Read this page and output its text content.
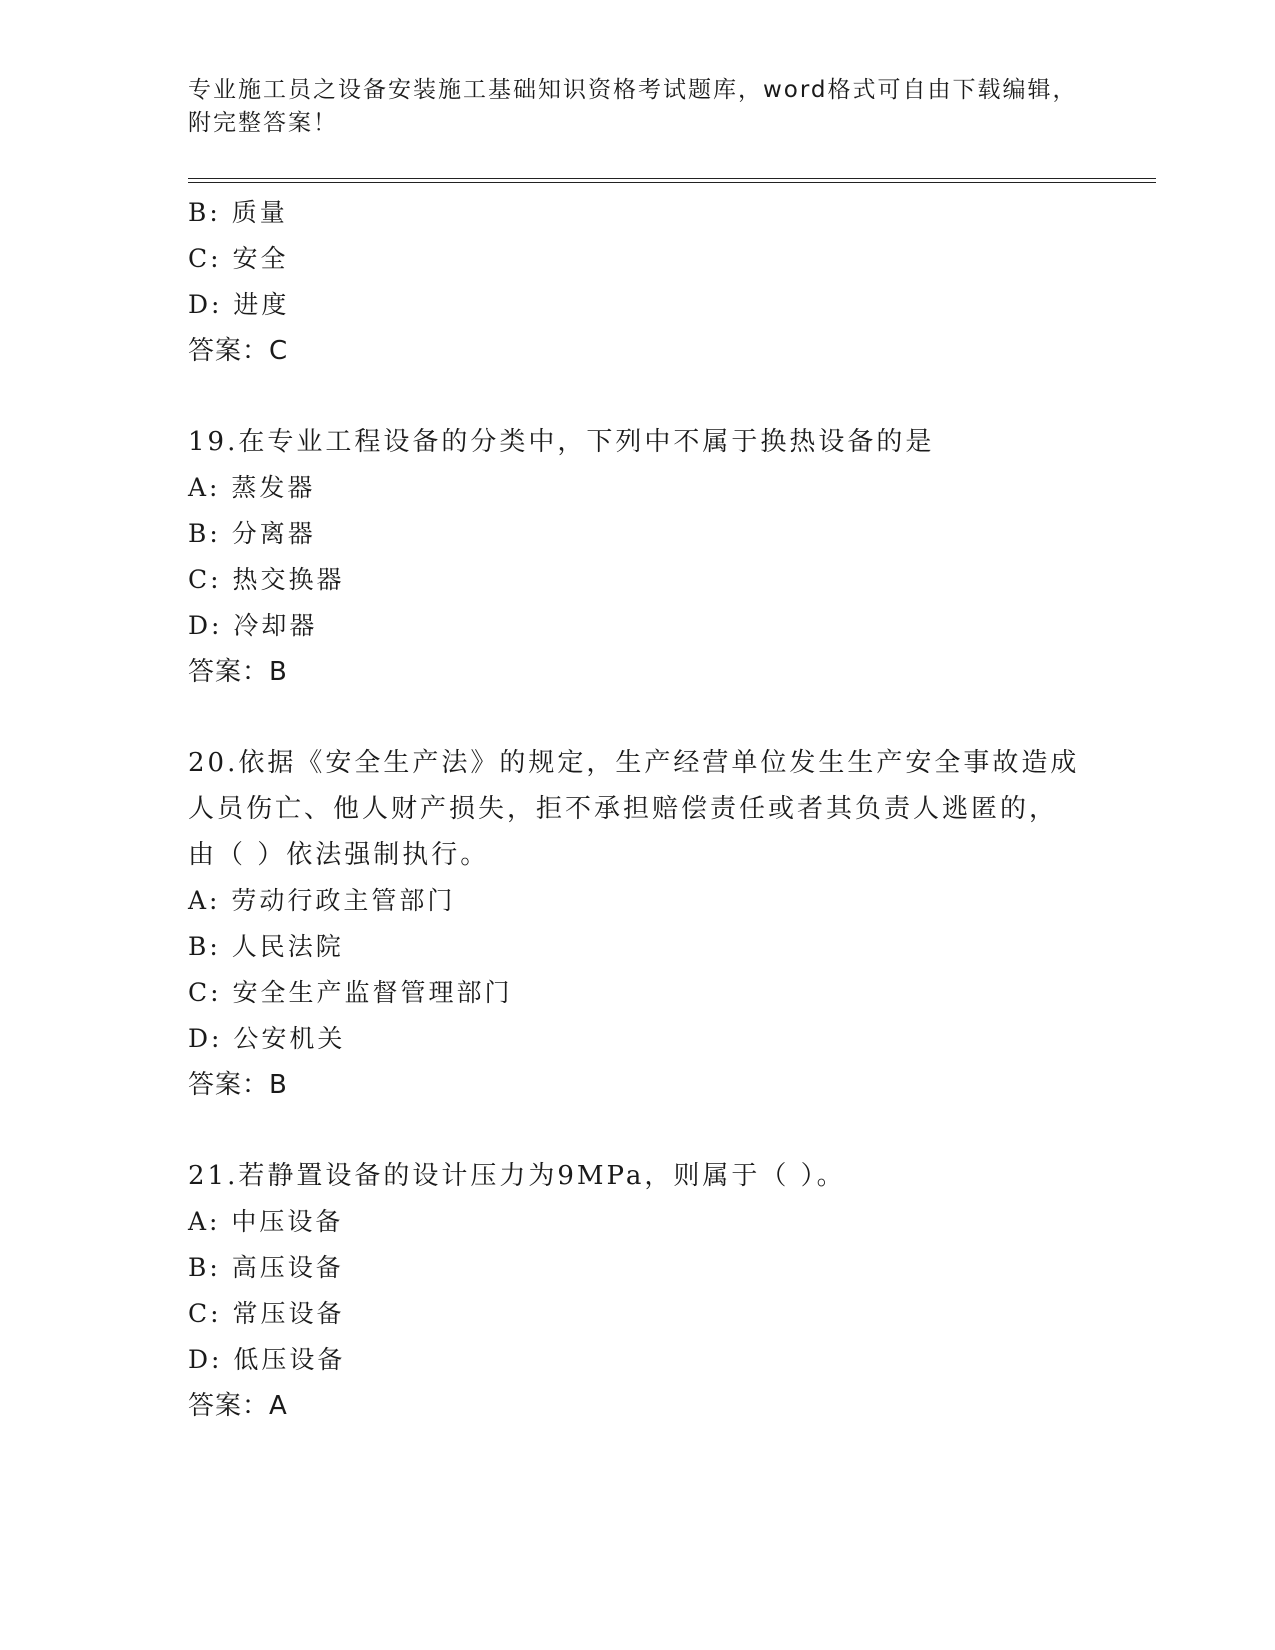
专业施工员之设备安装施工基础知识资格考试题库，word格式可自由下载编辑，
附完整答案！
B: 质量
C: 安全
D: 进度
答案：C
19.在专业工程设备的分类中，下列中不属于换热设备的是
A: 蒸发器
B: 分离器
C: 热交换器
D: 冷却器
答案：B
20.依据《安全生产法》的规定，生产经营单位发生生产安全事故造成
人员伤亡、他人财产损失，拒不承担赔偿责任或者其负责人逃匿的，
由（ ）依法强制执行。
A: 劳动行政主管部门
B: 人民法院
C: 安全生产监督管理部门
D: 公安机关
答案：B
21.若静置设备的设计压力为9MPa，则属于（ ）。
A: 中压设备
B: 高压设备
C: 常压设备
D: 低压设备
答案：A
